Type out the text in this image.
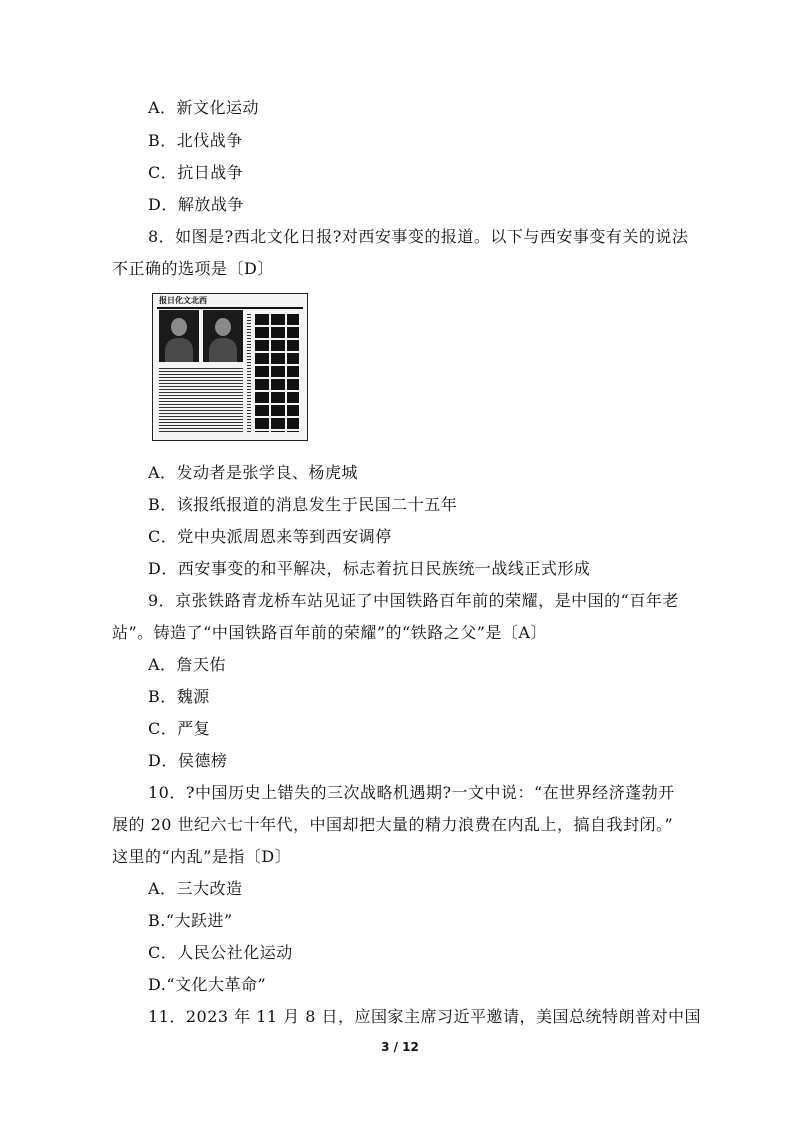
A．新文化运动
B．北伐战争
C．抗日战争
D．解放战争
8．如图是?西北文化日报?对西安事变的报道。以下与西安事变有关的说法
不正确的选项是〔D〕
报日化文北西
A．发动者是张学良、杨虎城
B．该报纸报道的消息发生于民国二十五年
C．党中央派周恩来等到西安调停
D．西安事变的和平解决，标志着抗日民族统一战线正式形成
9．京张铁路青龙桥车站见证了中国铁路百年前的荣耀，是中国的“百年老
站”。铸造了“中国铁路百年前的荣耀”的“铁路之父”是〔A〕
A．詹天佑
B．魏源
C．严复
D．侯德榜
10．?中国历史上错失的三次战略机遇期?一文中说：“在世界经济蓬勃开
展的 20 世纪六七十年代，中国却把大量的精力浪费在内乱上，搞自我封闭。”
这里的“内乱”是指〔D〕
A．三大改造
B.“大跃进”
C．人民公社化运动
D.“文化大革命”
11．2023 年 11 月 8 日，应国家主席习近平邀请，美国总统特朗普对中国
3 / 12
